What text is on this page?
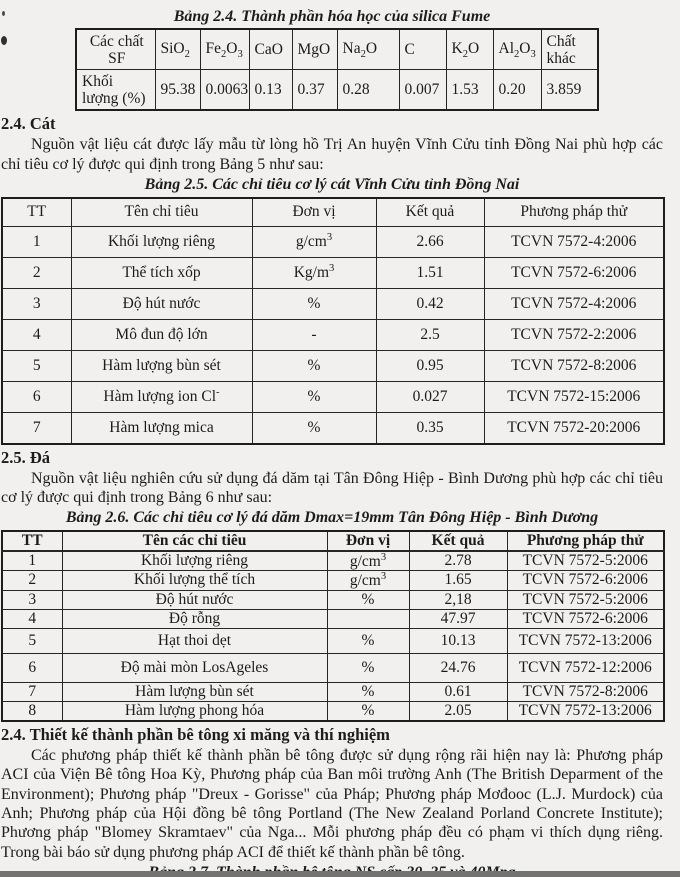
Bảng 2.4. Thành phần hóa học của silica Fume

Các chất SF	SiO$_2$	$Fe_2O_3$	CaO	MgO	$Na_2O$	C	$K_2O$	$Al_2O_3$	Chất khác
Khối lượng (%)	95.38	0.0063	0.13	0.37	0.28	0.007	1.53	0.20	3.859
2.4. Cát

Nguồn vật liệu cát được lấy mẫu từ lòng hồ Trị An huyện Vĩnh Cửu tỉnh Đồng Nai phù hợp các chỉ tiêu cơ lý được qui định trong Bảng 5 như sau:

Bảng 2.5. Các chỉ tiêu cơ lý cát Vĩnh Cửu tỉnh Đồng Nai

TT	Tên chỉ tiêu	Đơn vị	Kết quả	Phương pháp thử
1	Khối lượng riêng	$g/cm^3$	2.66	TCVN 7572-4:2006
2	Thể tích xốp	$Kg/m^3$	1.51	TCVN 7572-6:2006
3	Độ hút nước	%	0.42	TCVN 7572-4:2006
4	Mô đun độ lớn	-	2.5	TCVN 7572-2:2006
5	Hàm lượng bùn sét	%	0.95	TCVN 7572-8:2006
6	Hàm lượng ion Cl-	%	0.027	TCVN 7572-15:2006
7	Hàm lượng mica	%	0.35	TCVN 7572-20:2006
2.5. Đá

Nguồn vật liệu nghiên cứu sử dụng đá dăm tại Tân Đông Hiệp - Bình Dương phù hợp các chỉ tiêu cơ lý được qui định trong Bảng 6 như sau:

Bảng 2.6. Các chỉ tiêu cơ lý đá dăm Dmax=19mm Tân Đông Hiệp - Bình Dương

TT	Tên các chỉ tiêu	Đơn vị	Kết quả	Phương pháp thử
1	Khối lượng riêng	$g/cm^3$	2.78	TCVN 7572-5:2006
2	Khối lượng thể tích	$g/cm^3$	1.65	TCVN 7572-6:2006
3	Độ hút nước	%	2,18	TCVN 7572-5:2006
4	Độ rỗng		47.97	TCVN 7572-6:2006
5	Hạt thoi dẹt	%	10.13	TCVN 7572-13:2006
6	Độ mài mòn LosAgeles	%	24.76	TCVN 7572-12:2006
7	Hàm lượng bùn sét	%	0.61	TCVN 7572-8:2006
8	Hàm lượng phong hóa	%	2.05	TCVN 7572-13:2006
2.4. Thiết kế thành phần bê tông xi măng và thí nghiệm

Các phương pháp thiết kế thành phần bê tông được sử dụng rộng rãi hiện nay là: Phương pháp ACI của Viện Bê tông Hoa Kỳ, Phương pháp của Ban môi trường Anh (The British Deparment of the Environment); Phương pháp "Dreux - Gorisse" của Pháp; Phương pháp Mơđooc (L.J. Murdock) của Anh; Phương pháp của Hội đồng bê tông Portland (The New Zealand Porland Concrete Institute); Phương pháp "Blomey Skramtaev" của Nga... Mỗi phương pháp đều có phạm vi thích dụng riêng. Trong bài báo sử dụng phương pháp ACI để thiết kế thành phần bê tông.
